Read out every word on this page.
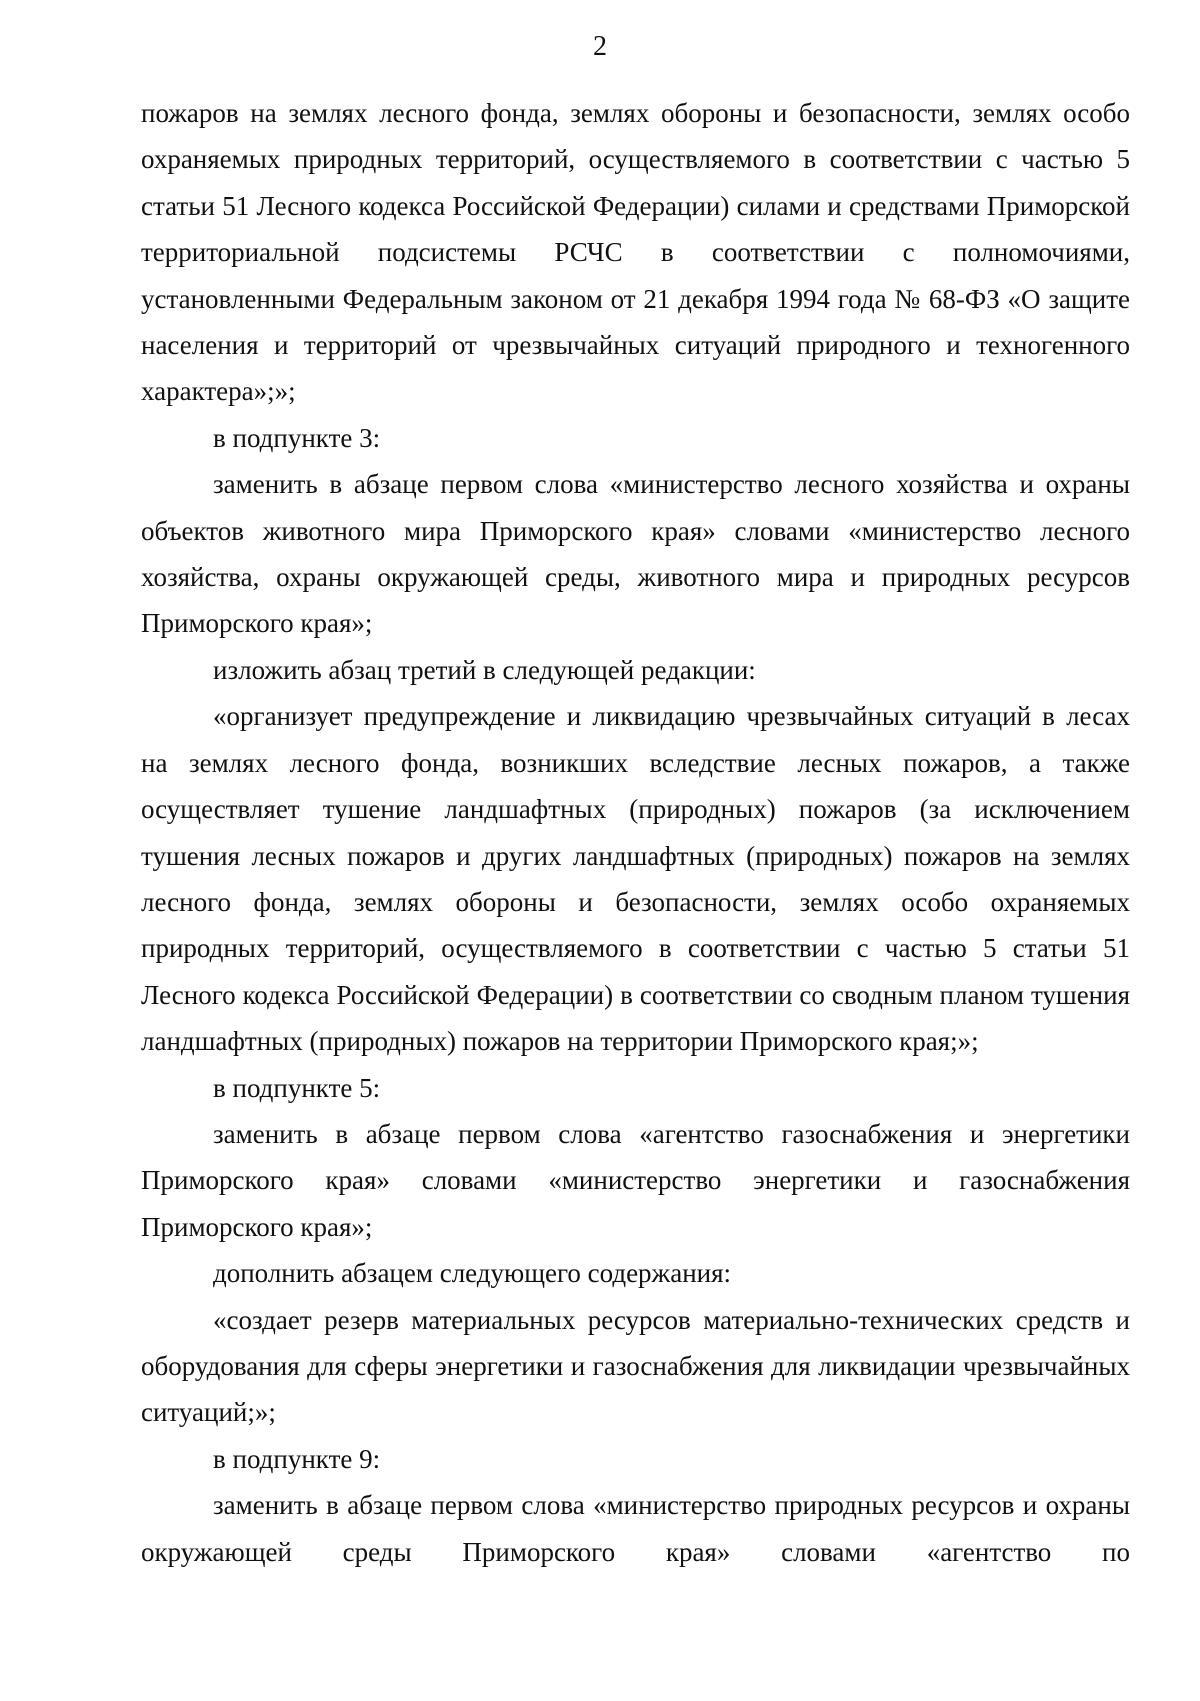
2

пожаров на землях лесного фонда, землях обороны и безопасности, землях особо охраняемых природных территорий, осуществляемого в соответствии с частью 5 статьи 51 Лесного кодекса Российской Федерации) силами и средствами Приморской территориальной подсистемы РСЧС в соответствии с полномочиями, установленными Федеральным законом от 21 декабря 1994 года № 68-ФЗ «О защите населения и территорий от чрезвычайных ситуаций природного и техногенного характера»;»;

в подпункте 3:

заменить в абзаце первом слова «министерство лесного хозяйства и охраны объектов животного мира Приморского края» словами «министерство лесного хозяйства, охраны окружающей среды, животного мира и природных ресурсов Приморского края»;

изложить абзац третий в следующей редакции:

«организует предупреждение и ликвидацию чрезвычайных ситуаций в лесах на землях лесного фонда, возникших вследствие лесных пожаров, а также осуществляет тушение ландшафтных (природных) пожаров (за исключением тушения лесных пожаров и других ландшафтных (природных) пожаров на землях лесного фонда, землях обороны и безопасности, землях особо охраняемых природных территорий, осуществляемого в соответствии с частью 5 статьи 51 Лесного кодекса Российской Федерации) в соответствии со сводным планом тушения ландшафтных (природных) пожаров на территории Приморского края;»;

в подпункте 5:

заменить в абзаце первом слова «агентство газоснабжения и энергетики Приморского края» словами «министерство энергетики и газоснабжения Приморского края»;

дополнить абзацем следующего содержания:

«создает резерв материальных ресурсов материально-технических средств и оборудования для сферы энергетики и газоснабжения для ликвидации чрезвычайных ситуаций;»;

в подпункте 9:

заменить в абзаце первом слова «министерство природных ресурсов и охраны окружающей среды Приморского края» словами «агентство по
